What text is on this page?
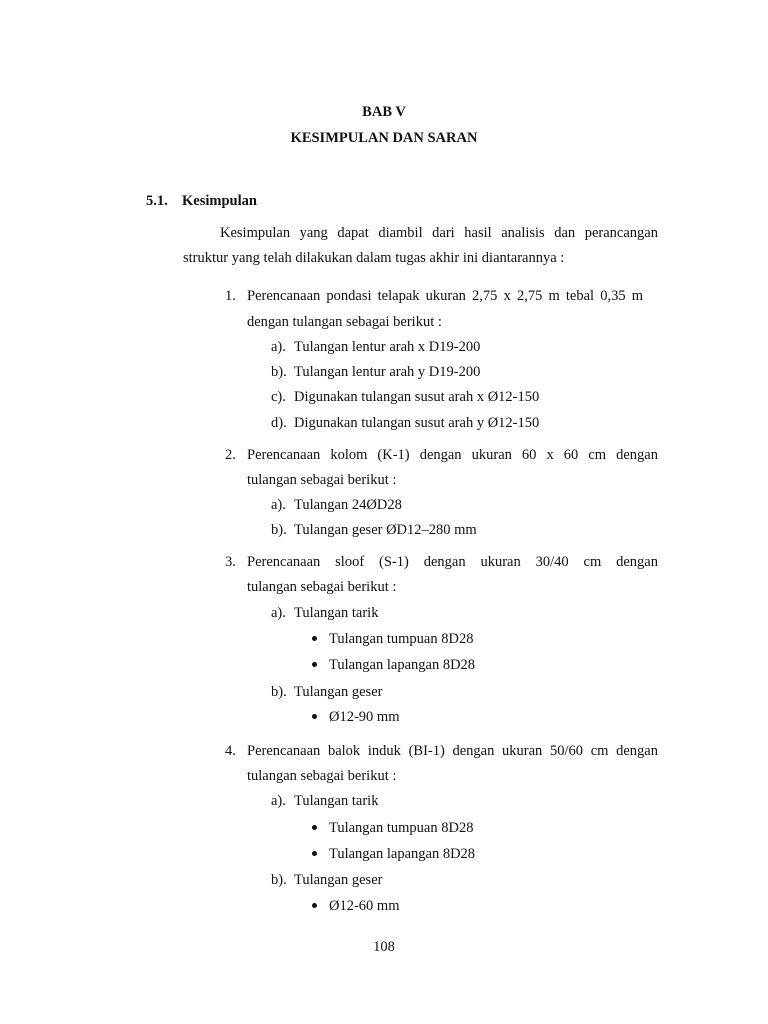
BAB V
KESIMPULAN DAN SARAN
5.1. Kesimpulan
Kesimpulan yang dapat diambil dari hasil analisis dan perancangan
struktur yang telah dilakukan dalam tugas akhir ini diantarannya :
1. Perencanaan pondasi telapak ukuran 2,75 x 2,75 m tebal 0,35 m
dengan tulangan sebagai berikut :
a). Tulangan lentur arah x D19-200
b). Tulangan lentur arah y D19-200
c). Digunakan tulangan susut arah x Ø12-150
d). Digunakan tulangan susut arah y Ø12-150
2. Perencanaan kolom (K-1) dengan ukuran 60 x 60 cm dengan
tulangan sebagai berikut :
a). Tulangan 24ØD28
b). Tulangan geser ØD12–280 mm
3. Perencanaan sloof (S-1) dengan ukuran 30/40 cm dengan
tulangan sebagai berikut :
a). Tulangan tarik
Tulangan tumpuan 8D28
Tulangan lapangan 8D28
b). Tulangan geser
Ø12-90 mm
4. Perencanaan balok induk (BI-1) dengan ukuran 50/60 cm dengan
tulangan sebagai berikut :
a). Tulangan tarik
Tulangan tumpuan 8D28
Tulangan lapangan 8D28
b). Tulangan geser
Ø12-60 mm
108
